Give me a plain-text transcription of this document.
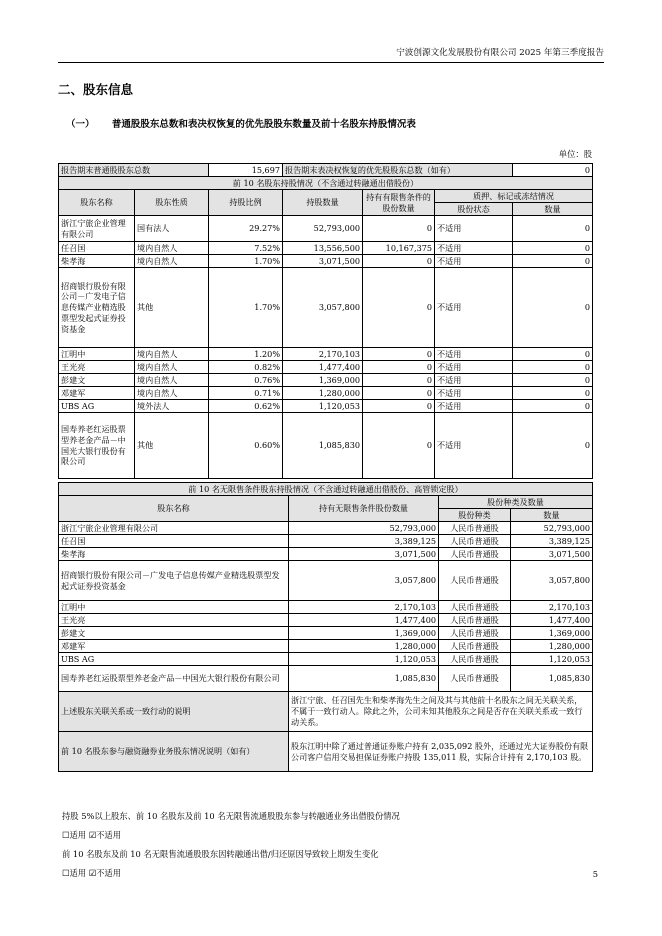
宁波创源文化发展股份有限公司 2025 年第三季度报告
二、股东信息
（一） 普通股股东总数和表决权恢复的优先股股东数量及前十名股东持股情况表
单位：股
报告期末普通股股东总数		15,697	报告期末表决权恢复的优先股股东总数（如有）			0
前 10 名股东持股情况（不含通过转融通出借股份）						
股东名称	股东性质	持股比例	持股数量	持有有限售条件的股份数量	质押、标记或冻结情况	
					股份状态	数量
浙江宁旅企业管理有限公司	国有法人	29.27%	52,793,000	0	不适用	0
任召国	境内自然人	7.52%	13,556,500	10,167,375	不适用	0
柴孝海	境内自然人	1.70%	3,071,500	0	不适用	0
招商银行股份有限公司－广发电子信息传媒产业精选股票型发起式证券投资基金	其他	1.70%	3,057,800	0	不适用	0
江明中	境内自然人	1.20%	2,170,103	0	不适用	0
王光亮	境内自然人	0.82%	1,477,400	0	不适用	0
彭建文	境内自然人	0.76%	1,369,000	0	不适用	0
邓建军	境内自然人	0.71%	1,280,000	0	不适用	0
UBS AG	境外法人	0.62%	1,120,053	0	不适用	0
国寿养老红运股票型养老金产品－中国光大银行股份有限公司	其他	0.60%	1,085,830	0	不适用	0
前 10 名无限售条件股东持股情况（不含通过转融通出借股份、高管锁定股）			
股东名称	持有无限售条件股份数量	股份种类及数量	
		股份种类	数量
浙江宁旅企业管理有限公司	52,793,000	人民币普通股	52,793,000
任召国	3,389,125	人民币普通股	3,389,125
柴孝海	3,071,500	人民币普通股	3,071,500
招商银行股份有限公司－广发电子信息传媒产业精选股票型发起式证券投资基金	3,057,800	人民币普通股	3,057,800
江明中	2,170,103	人民币普通股	2,170,103
王光亮	1,477,400	人民币普通股	1,477,400
彭建文	1,369,000	人民币普通股	1,369,000
邓建军	1,280,000	人民币普通股	1,280,000
UBS AG	1,120,053	人民币普通股	1,120,053
国寿养老红运股票型养老金产品－中国光大银行股份有限公司	1,085,830	人民币普通股	1,085,830
上述股东关联关系或一致行动的说明	浙江宁旅、任召国先生和柴孝海先生之间及其与其他前十名股东之间无关联关系，不属于一致行动人。除此之外，公司未知其他股东之间是否存在关联关系或一致行动关系。		
前 10 名股东参与融资融券业务股东情况说明（如有）	股东江明中除了通过普通证券账户持有 2,035,092 股外，还通过光大证券股份有限公司客户信用交易担保证券账户持股 135,011 股，实际合计持有 2,170,103 股。		
持股 5%以上股东、前 10 名股东及前 10 名无限售流通股股东参与转融通业务出借股份情况
☐适用 ☑不适用
前 10 名股东及前 10 名无限售流通股股东因转融通出借/归还原因导致较上期发生变化
☐适用 ☑不适用	5
